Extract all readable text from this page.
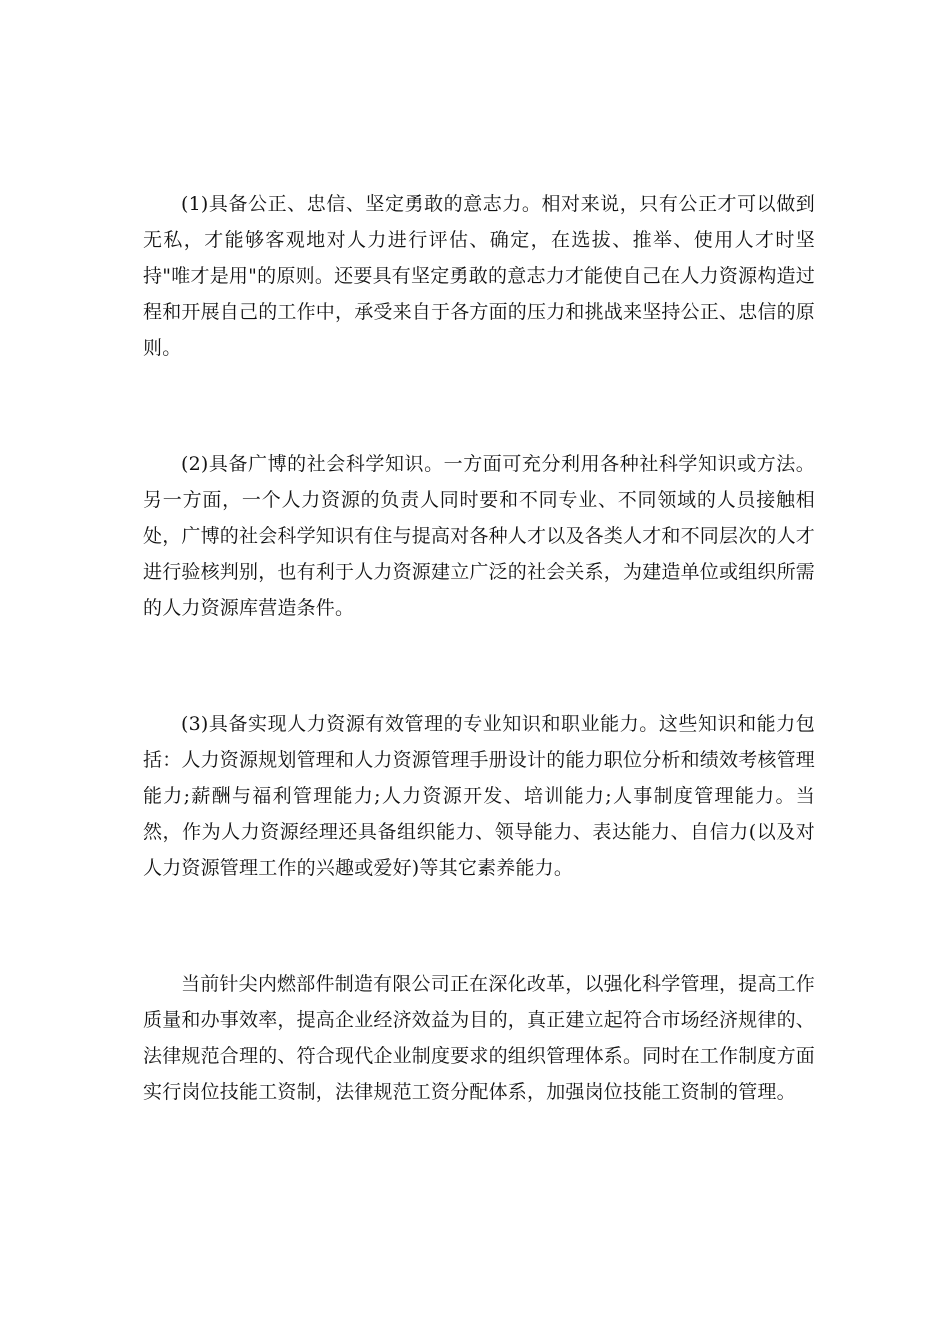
(1)具备公正、忠信、坚定勇敢的意志力。相对来说，只有公正才可以做到无私，才能够客观地对人力进行评估、确定，在选拔、推举、使用人才时坚持"唯才是用"的原则。还要具有坚定勇敢的意志力才能使自己在人力资源构造过程和开展自己的工作中，承受来自于各方面的压力和挑战来坚持公正、忠信的原则。

(2)具备广博的社会科学知识。一方面可充分利用各种社科学知识或方法。另一方面，一个人力资源的负责人同时要和不同专业、不同领域的人员接触相处，广博的社会科学知识有住与提高对各种人才以及各类人才和不同层次的人才进行验核判别，也有利于人力资源建立广泛的社会关系，为建造单位或组织所需的人力资源库营造条件。

(3)具备实现人力资源有效管理的专业知识和职业能力。这些知识和能力包括：人力资源规划管理和人力资源管理手册设计的能力职位分析和绩效考核管理能力;薪酬与福利管理能力;人力资源开发、培训能力;人事制度管理能力。当然，作为人力资源经理还具备组织能力、领导能力、表达能力、自信力(以及对人力资源管理工作的兴趣或爱好)等其它素养能力。

当前针尖内燃部件制造有限公司正在深化改革，以强化科学管理，提高工作质量和办事效率，提高企业经济效益为目的，真正建立起符合市场经济规律的、法律规范合理的、符合现代企业制度要求的组织管理体系。同时在工作制度方面实行岗位技能工资制，法律规范工资分配体系，加强岗位技能工资制的管理。
